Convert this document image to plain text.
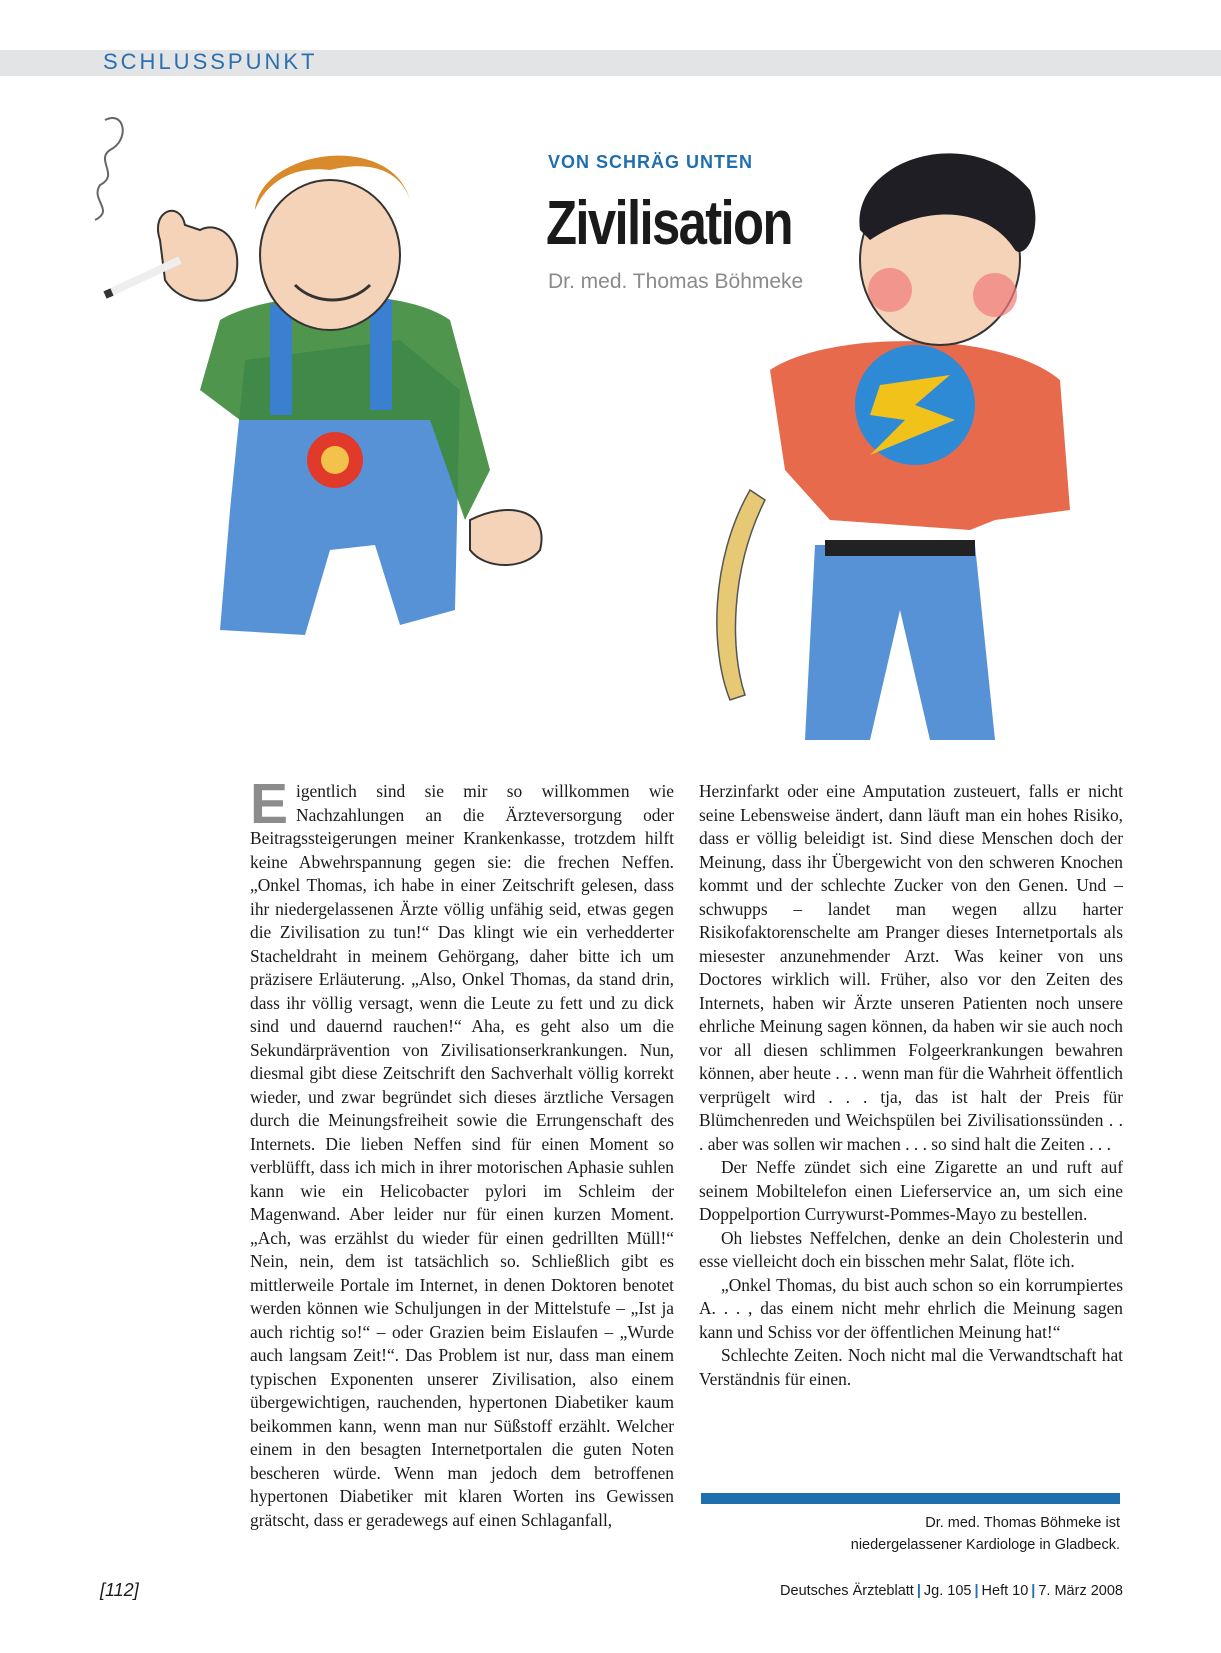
SCHLUSSPUNKT
VON SCHRÄG UNTEN
Zivilisation
Dr. med. Thomas Böhmeke

Eigentlich sind sie mir so willkommen wie Nachzahlungen an die Ärzteversorgung oder Beitragssteigerungen meiner Krankenkasse, trotzdem hilft keine Abwehrspannung gegen sie: die frechen Neffen. „Onkel Thomas, ich habe in einer Zeitschrift gelesen, dass ihr niedergelassenen Ärzte völlig unfähig seid, etwas gegen die Zivilisation zu tun!“ Das klingt wie ein verhedderter Stacheldraht in meinem Gehörgang, daher bitte ich um präzisere Erläuterung. „Also, Onkel Thomas, da stand drin, dass ihr völlig versagt, wenn die Leute zu fett und zu dick sind und dauernd rauchen!“ Aha, es geht also um die Sekundärprävention von Zivilisationserkrankungen. Nun, diesmal gibt diese Zeitschrift den Sachverhalt völlig korrekt wieder, und zwar begründet sich dieses ärztliche Versagen durch die Meinungsfreiheit sowie die Errungenschaft des Internets. Die lieben Neffen sind für einen Moment so verblüfft, dass ich mich in ihrer motorischen Aphasie suhlen kann wie ein Helicobacter pylori im Schleim der Magenwand. Aber leider nur für einen kurzen Moment. „Ach, was erzählst du wieder für einen gedrillten Müll!“ Nein, nein, dem ist tatsächlich so. Schließlich gibt es mittlerweile Portale im Internet, in denen Doktoren benotet werden können wie Schuljungen in der Mittelstufe – „Ist ja auch richtig so!“ – oder Grazien beim Eislaufen – „Wurde auch langsam Zeit!“. Das Problem ist nur, dass man einem typischen Exponenten unserer Zivilisation, also einem übergewichtigen, rauchenden, hypertonen Diabetiker kaum beikommen kann, wenn man nur Süßstoff erzählt. Welcher einem in den besagten Internetportalen die guten Noten bescheren würde. Wenn man jedoch dem betroffenen hypertonen Diabetiker mit klaren Worten ins Gewissen grätscht, dass er geradewegs auf einen Schlaganfall,

Herzinfarkt oder eine Amputation zusteuert, falls er nicht seine Lebensweise ändert, dann läuft man ein hohes Risiko, dass er völlig beleidigt ist. Sind diese Menschen doch der Meinung, dass ihr Übergewicht von den schweren Knochen kommt und der schlechte Zucker von den Genen. Und – schwupps – landet man wegen allzu harter Risikofaktorenschelte am Pranger dieses Internetportals als miesester anzunehmender Arzt. Was keiner von uns Doctores wirklich will. Früher, also vor den Zeiten des Internets, haben wir Ärzte unseren Patienten noch unsere ehrliche Meinung sagen können, da haben wir sie auch noch vor all diesen schlimmen Folgeerkrankungen bewahren können, aber heute . . . wenn man für die Wahrheit öffentlich verprügelt wird . . . tja, das ist halt der Preis für Blümchenreden und Weichspülen bei Zivilisationssünden . . . aber was sollen wir machen . . . so sind halt die Zeiten . . .

Der Neffe zündet sich eine Zigarette an und ruft auf seinem Mobiltelefon einen Lieferservice an, um sich eine Doppelportion Currywurst-Pommes-Mayo zu bestellen.

Oh liebstes Neffelchen, denke an dein Cholesterin und esse vielleicht doch ein bisschen mehr Salat, flöte ich.

„Onkel Thomas, du bist auch schon so ein korrumpiertes A. . . , das einem nicht mehr ehrlich die Meinung sagen kann und Schiss vor der öffentlichen Meinung hat!“

Schlechte Zeiten. Noch nicht mal die Verwandtschaft hat Verständnis für einen.

Dr. med. Thomas Böhmeke ist
niedergelassener Kardiologe in Gladbeck.
[112]	Deutsches Ärzteblatt | Jg. 105 | Heft 10 | 7. März 2008
